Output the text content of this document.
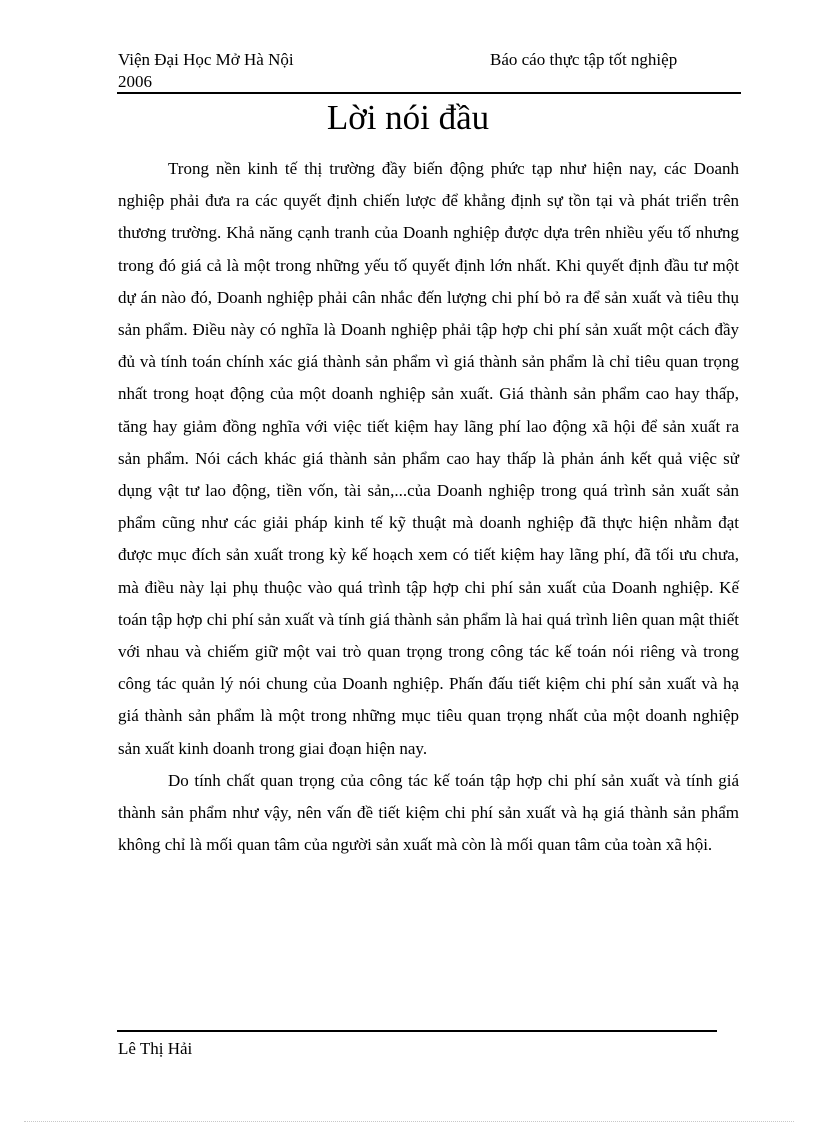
Viện Đại Học Mở Hà Nội
2006
Báo cáo thực tập tốt nghiệp
Lời nói đầu

Trong nền kinh tế thị trường đầy biến động phức tạp như hiện nay, các Doanh nghiệp phải đưa ra các quyết định chiến lược để khẳng định sự tồn tại và phát triển trên thương trường. Khả năng cạnh tranh của Doanh nghiệp được dựa trên nhiều yếu tố nhưng trong đó giá cả là một trong những yếu tố quyết định lớn nhất. Khi quyết định đầu tư một dự án nào đó, Doanh nghiệp phải cân nhắc đến lượng chi phí bỏ ra để sản xuất và tiêu thụ sản phẩm. Điều này có nghĩa là Doanh nghiệp phải tập hợp chi phí sản xuất một cách đầy đủ và tính toán chính xác giá thành sản phẩm vì giá thành sản phẩm là chỉ tiêu quan trọng nhất trong hoạt động của một doanh nghiệp sản xuất. Giá thành sản phẩm cao hay thấp, tăng hay giảm đồng nghĩa với việc tiết kiệm hay lãng phí lao động xã hội để sản xuất ra sản phẩm. Nói cách khác giá thành sản phẩm cao hay thấp là phản ánh kết quả việc sử dụng vật tư lao động, tiền vốn, tài sản,...của Doanh nghiệp trong quá trình sản xuất sản phẩm cũng như các giải pháp kinh tế kỹ thuật mà doanh nghiệp đã thực hiện nhằm đạt được mục đích sản xuất trong kỳ kế hoạch xem có tiết kiệm hay lãng phí, đã tối ưu chưa, mà điều này lại phụ thuộc vào quá trình tập hợp chi phí sản xuất của Doanh nghiệp. Kế toán tập hợp chi phí sản xuất và tính giá thành sản phẩm là hai quá trình liên quan mật thiết với nhau và chiếm giữ một vai trò quan trọng trong công tác kế toán nói riêng và trong công tác quản lý nói chung của Doanh nghiệp. Phấn đấu tiết kiệm chi phí sản xuất và hạ giá thành sản phẩm là một trong những mục tiêu quan trọng nhất của một doanh nghiệp sản xuất kinh doanh trong giai đoạn hiện nay.

Do tính chất quan trọng của công tác kế toán tập hợp chi phí sản xuất và tính giá thành sản phẩm như vậy, nên vấn đề tiết kiệm chi phí sản xuất và hạ giá thành sản phẩm không chỉ là mối quan tâm của người sản xuất mà còn là mối quan tâm của toàn xã hội.

Lê Thị Hải
